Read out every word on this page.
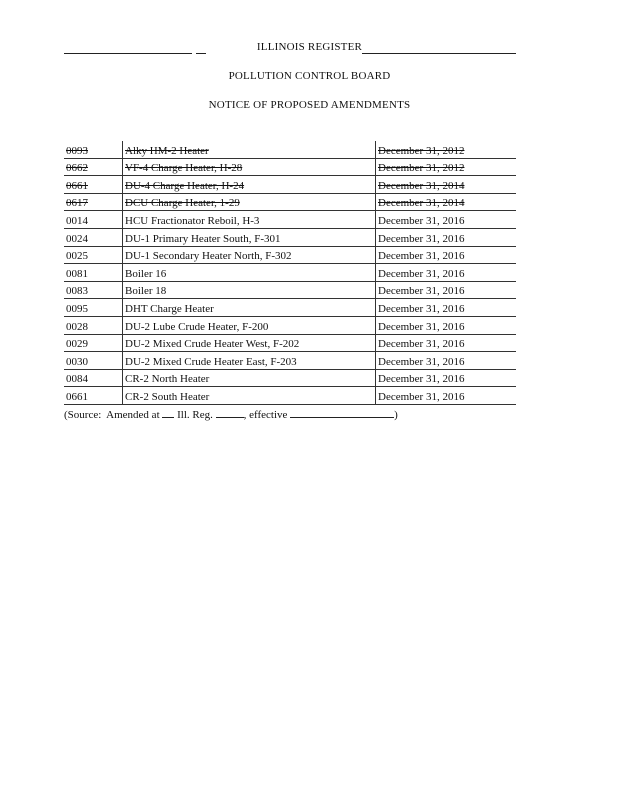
ILLINOIS REGISTER
POLLUTION CONTROL BOARD
NOTICE OF PROPOSED AMENDMENTS
0093	Alky HM-2 Heater	December 31, 2012
0662	VF-4 Charge Heater, H-28	December 31, 2012
0661	DU-4 Charge Heater, H-24	December 31, 2014
0617	DCU Charge Heater, 1-29	December 31, 2014
0014	HCU Fractionator Reboil, H-3	December 31, 2016
0024	DU-1 Primary Heater South, F-301	December 31, 2016
0025	DU-1 Secondary Heater North, F-302	December 31, 2016
0081	Boiler 16	December 31, 2016
0083	Boiler 18	December 31, 2016
0095	DHT Charge Heater	December 31, 2016
0028	DU-2 Lube Crude Heater, F-200	December 31, 2016
0029	DU-2 Mixed Crude Heater West, F-202	December 31, 2016
0030	DU-2 Mixed Crude Heater East, F-203	December 31, 2016
0084	CR-2 North Heater	December 31, 2016
0661	CR-2 South Heater	December 31, 2016
(Source: Amended at Ill. Reg.	, effective	)
